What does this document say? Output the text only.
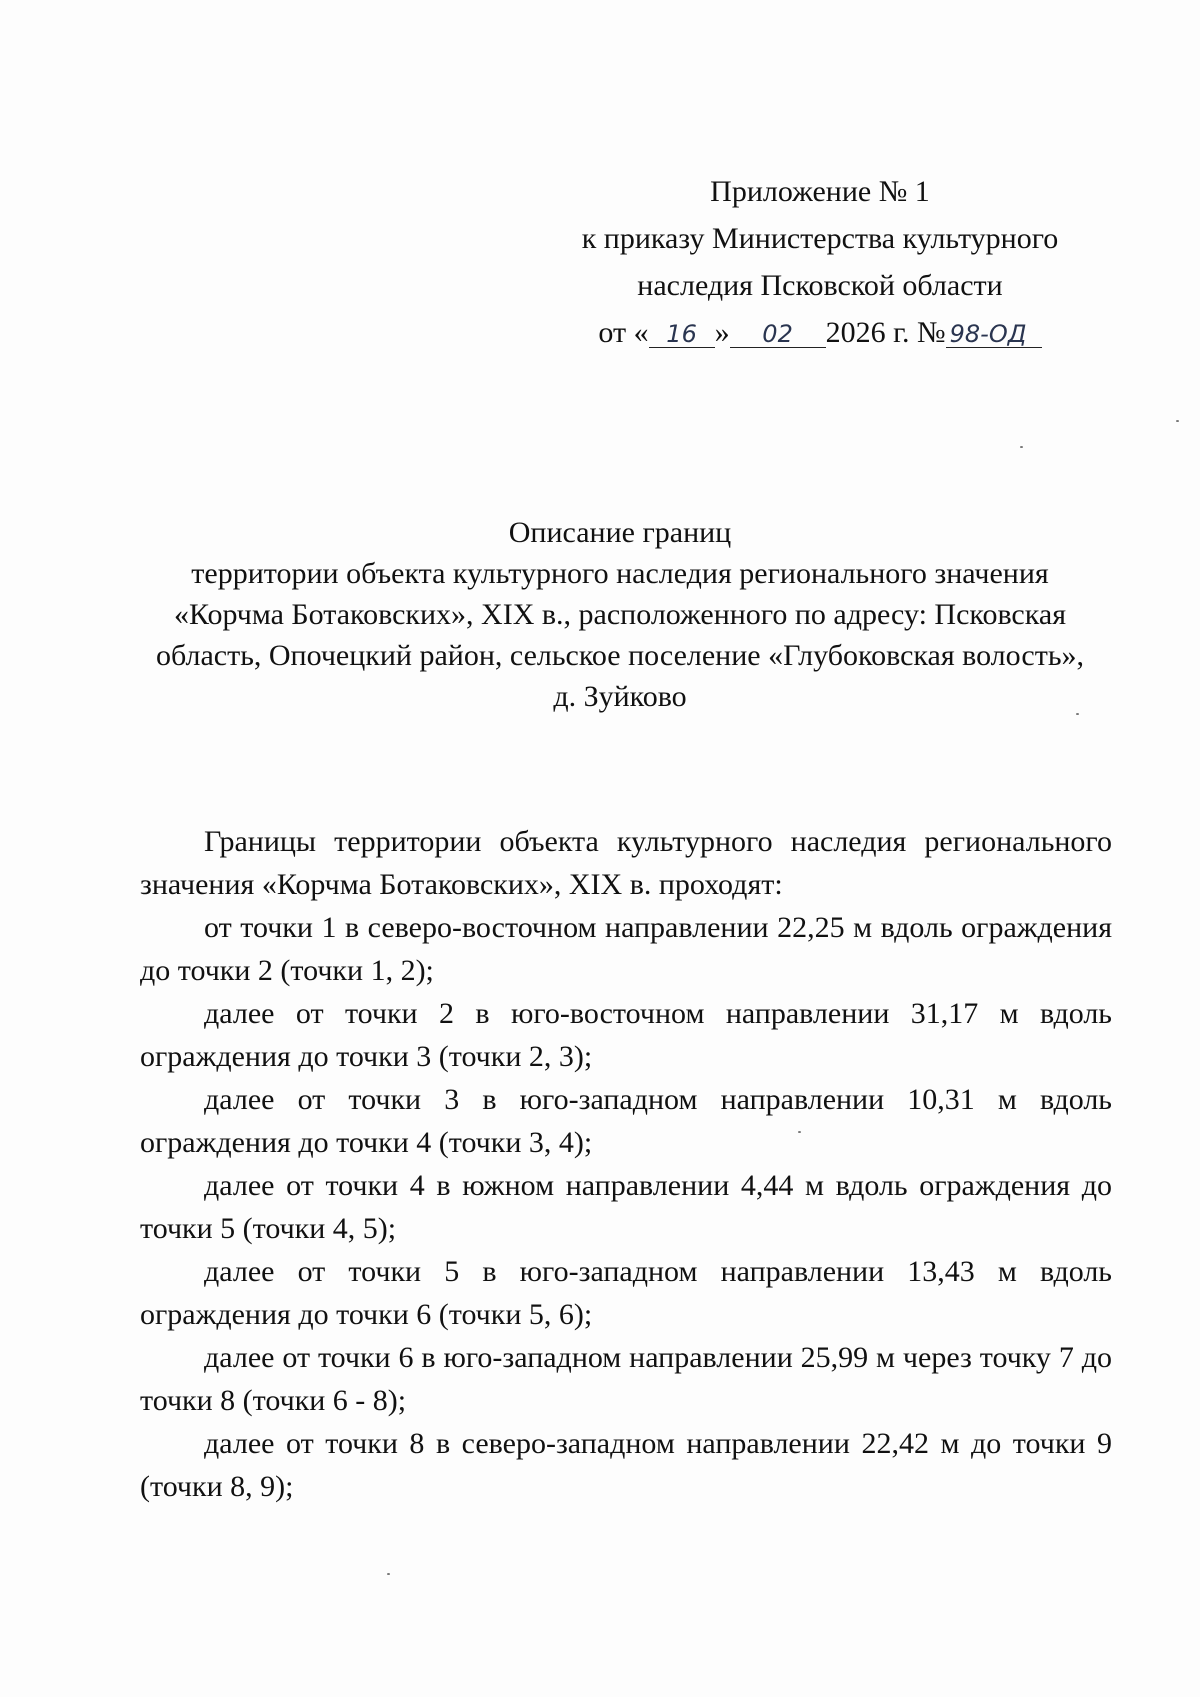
Приложение № 1
к приказу Министерства культурного
наследия Псковской области
от « 16 » 02 2026 г. № 98-ОД
Описание границ
территории объекта культурного наследия регионального значения
«Корчма Ботаковских», XIX в., расположенного по адресу: Псковская
область, Опочецкий район, сельское поселение «Глубоковская волость»,
д. Зуйково

Границы территории объекта культурного наследия регионального значения «Корчма Ботаковских», XIX в. проходят:

от точки 1 в северо-восточном направлении 22,25 м вдоль ограждения до точки 2 (точки 1, 2);

далее от точки 2 в юго-восточном направлении 31,17 м вдоль ограждения до точки 3 (точки 2, 3);

далее от точки 3 в юго-западном направлении 10,31 м вдоль ограждения до точки 4 (точки 3, 4);

далее от точки 4 в южном направлении 4,44 м вдоль ограждения до точки 5 (точки 4, 5);

далее от точки 5 в юго-западном направлении 13,43 м вдоль ограждения до точки 6 (точки 5, 6);

далее от точки 6 в юго-западном направлении 25,99 м через точку 7 до точки 8 (точки 6 - 8);

далее от точки 8 в северо-западном направлении 22,42 м до точки 9 (точки 8, 9);
